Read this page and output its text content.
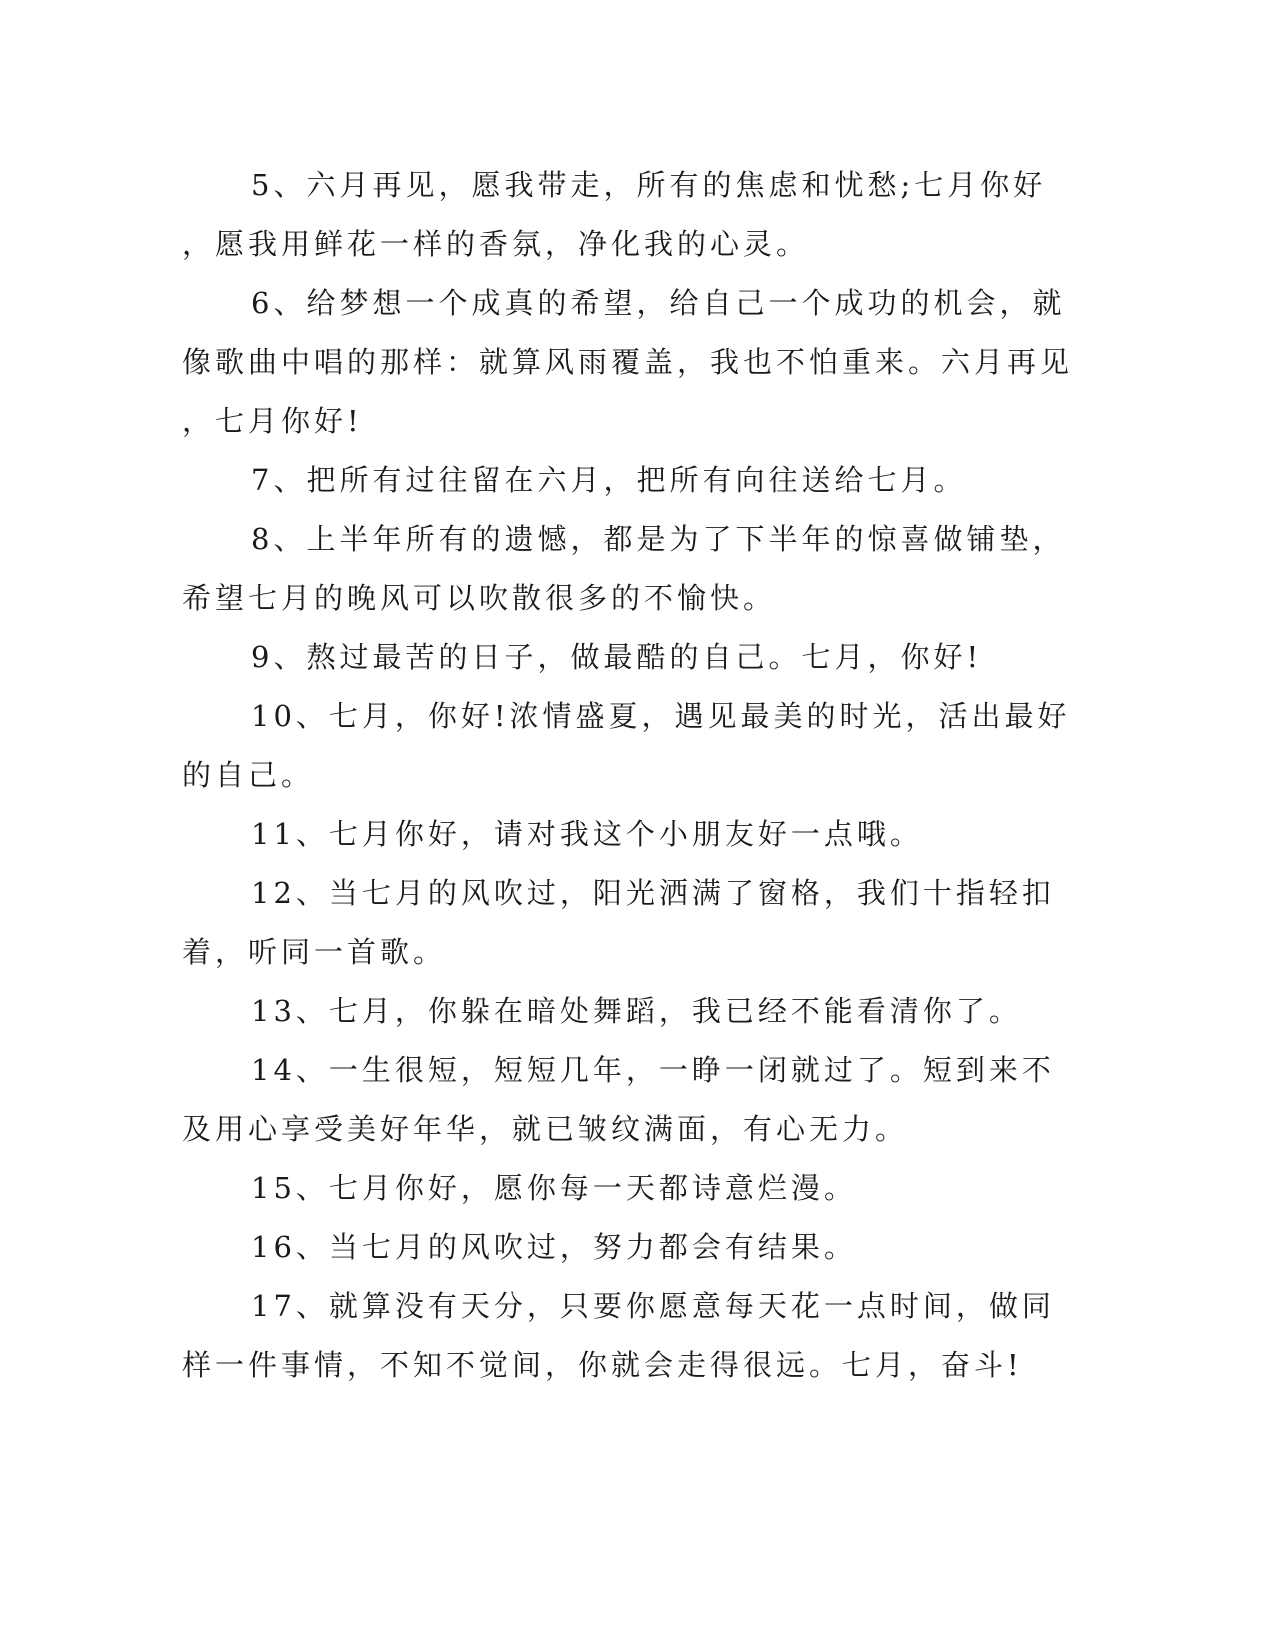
5、六月再见，愿我带走，所有的焦虑和忧愁;七月你好
，愿我用鲜花一样的香氛，净化我的心灵。
6、给梦想一个成真的希望，给自己一个成功的机会，就
像歌曲中唱的那样：就算风雨覆盖，我也不怕重来。六月再见
，七月你好!
7、把所有过往留在六月，把所有向往送给七月。
8、上半年所有的遗憾，都是为了下半年的惊喜做铺垫，
希望七月的晚风可以吹散很多的不愉快。
9、熬过最苦的日子，做最酷的自己。七月，你好!
10、七月，你好!浓情盛夏，遇见最美的时光，活出最好
的自己。
11、七月你好，请对我这个小朋友好一点哦。
12、当七月的风吹过，阳光洒满了窗格，我们十指轻扣
着，听同一首歌。
13、七月，你躲在暗处舞蹈，我已经不能看清你了。
14、一生很短，短短几年，一睁一闭就过了。短到来不
及用心享受美好年华，就已皱纹满面，有心无力。
15、七月你好，愿你每一天都诗意烂漫。
16、当七月的风吹过，努力都会有结果。
17、就算没有天分，只要你愿意每天花一点时间，做同
样一件事情，不知不觉间，你就会走得很远。七月，奋斗!
